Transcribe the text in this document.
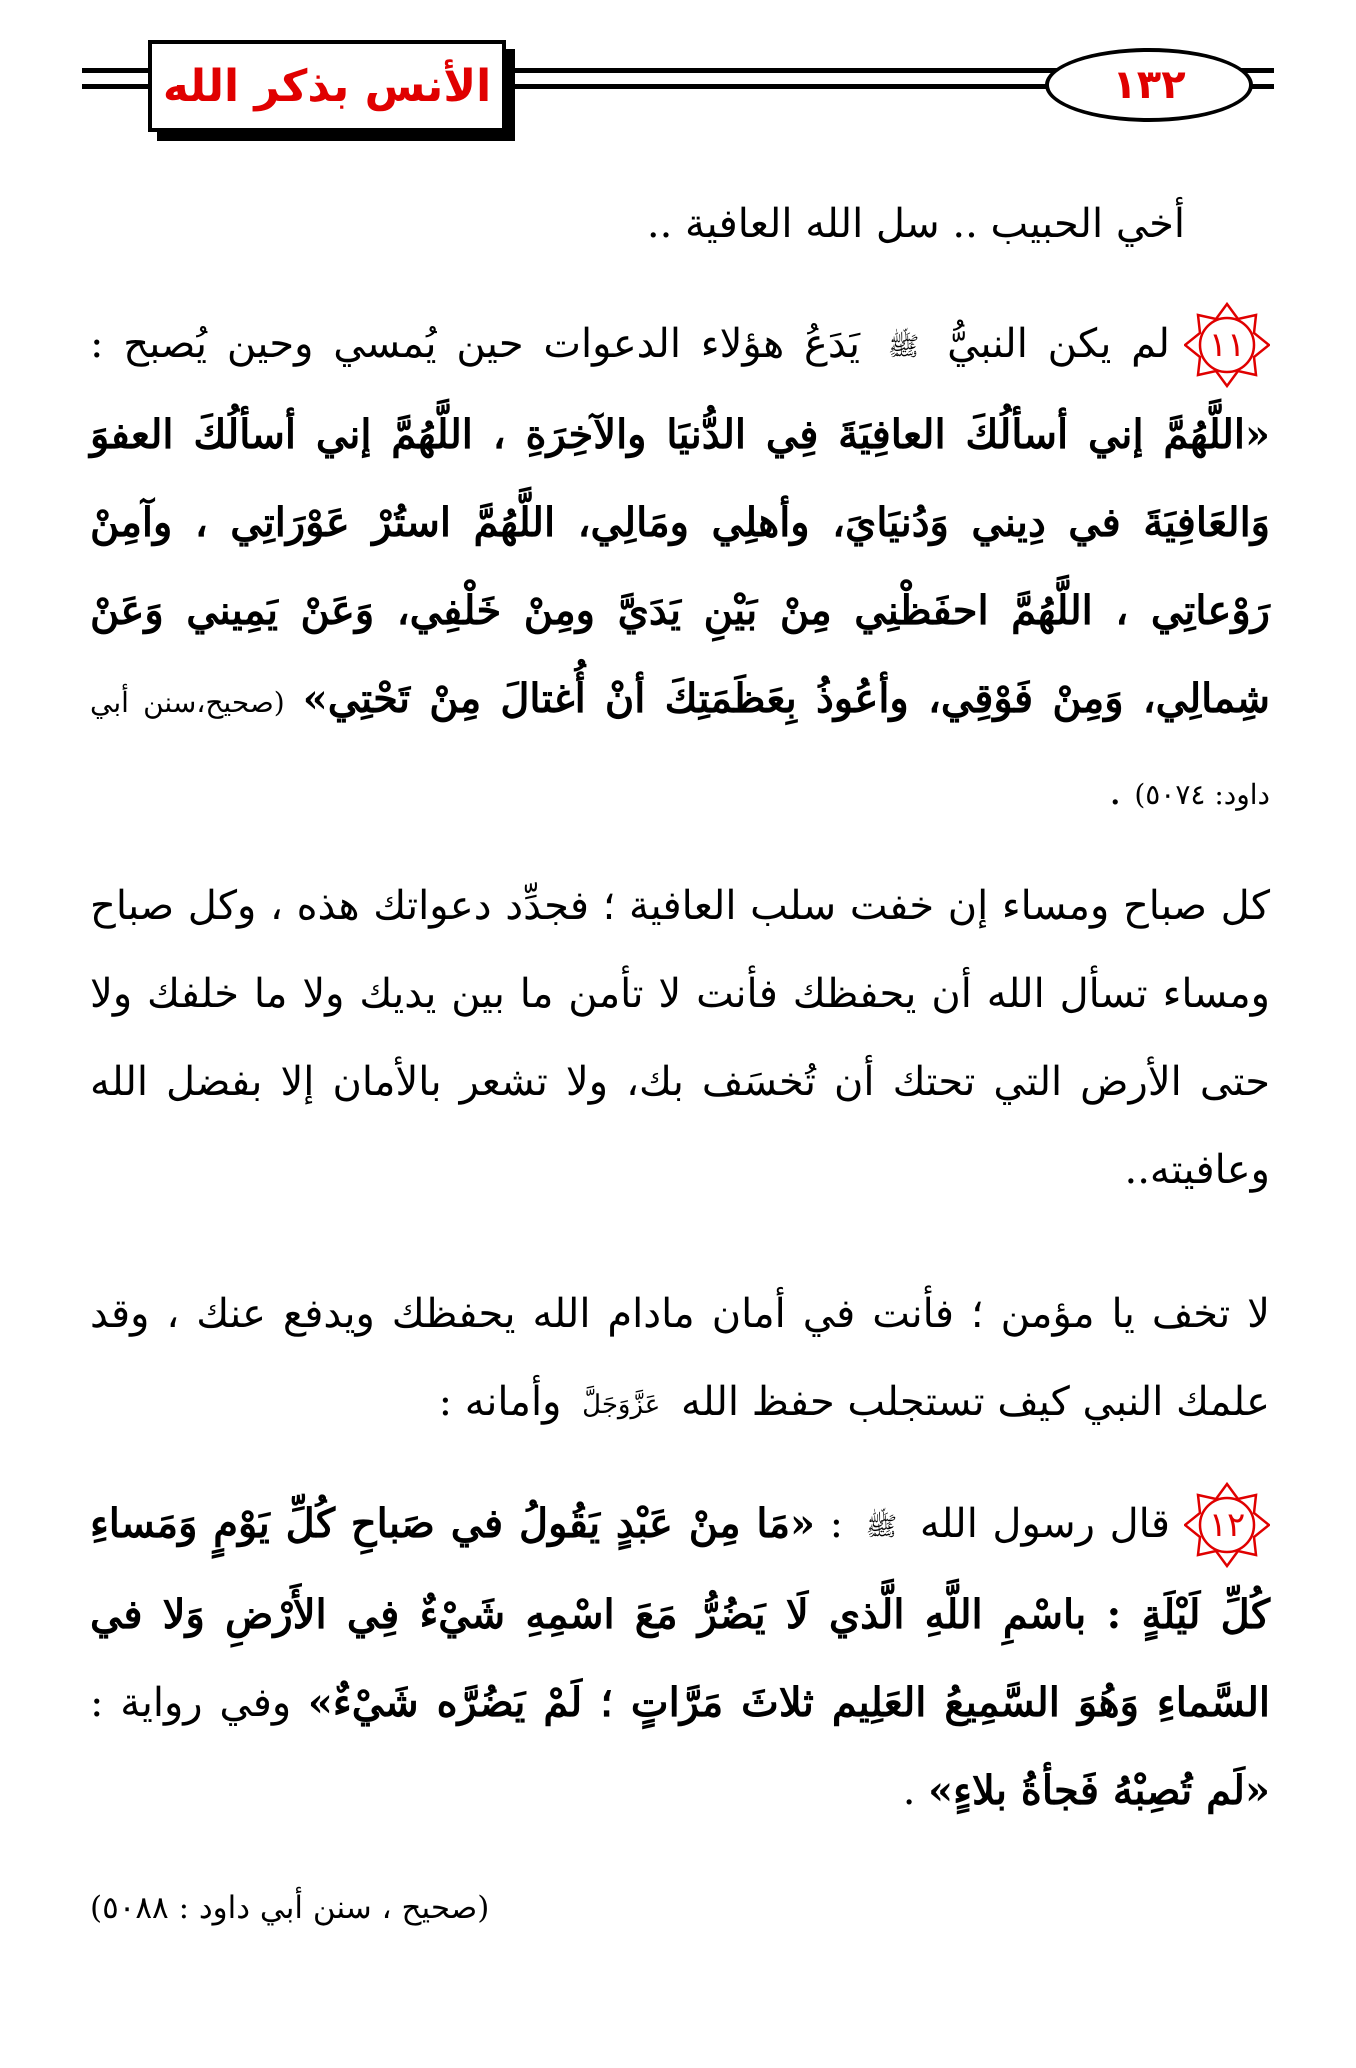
الأنس بذكر الله	١٣٢
أخي الحبيب .. سل الله العافية ..
١١
لم يكن النبيُّ ﷺ يَدَعُ هؤلاء الدعوات حين يُمسي وحين يُصبح : «اللَّهُمَّ إني أسألُكَ العافِيَةَ فِي الدُّنيَا والآخِرَةِ ، اللَّهُمَّ إني أسألُكَ العفوَ وَالعَافِيَةَ في دِيني وَدُنيَايَ، وأهلِي ومَالِي، اللَّهُمَّ استُرْ عَوْرَاتِي ، وآمِنْ رَوْعاتِي ، اللَّهُمَّ احفَظْنِي مِنْ بَيْنِ يَدَيَّ ومِنْ خَلْفِي، وَعَنْ يَمِيني وَعَنْ شِمالِي، وَمِنْ فَوْقِي، وأعُوذُ بِعَظَمَتِكَ أنْ أُغتالَ مِنْ تَحْتِي» (صحيح،سنن أبي داود: ٥٠٧٤) .
كل صباح ومساء إن خفت سلب العافية ؛ فجدِّد دعواتك هذه ، وكل صباح ومساء تسأل الله أن يحفظك فأنت لا تأمن ما بين يديك ولا ما خلفك ولا حتى الأرض التي تحتك أن تُخسَف بك، ولا تشعر بالأمان إلا بفضل الله وعافيته..
لا تخف يا مؤمن ؛ فأنت في أمان مادام الله يحفظك ويدفع عنك ، وقد علمك النبي كيف تستجلب حفظ الله عَزَّوَجَلَّ وأمانه :
١٢
قال رسول الله ﷺ : «مَا مِنْ عَبْدٍ يَقُولُ في صَباحِ كُلِّ يَوْمٍ وَمَساءِ كُلِّ لَيْلَةٍ : باسْمِ اللَّهِ الَّذي لَا يَضُرُّ مَعَ اسْمِهِ شَيْءٌ فِي الأَرْضِ وَلا في السَّماءِ وَهُوَ السَّمِيعُ العَلِيم ثلاثَ مَرَّاتٍ ؛ لَمْ يَضُرَّه شَيْءٌ» وفي رواية : «لَم تُصِبْهُ فَجأةُ بلاءٍ» .
(صحيح ، سنن أبي داود : ٥٠٨٨)
